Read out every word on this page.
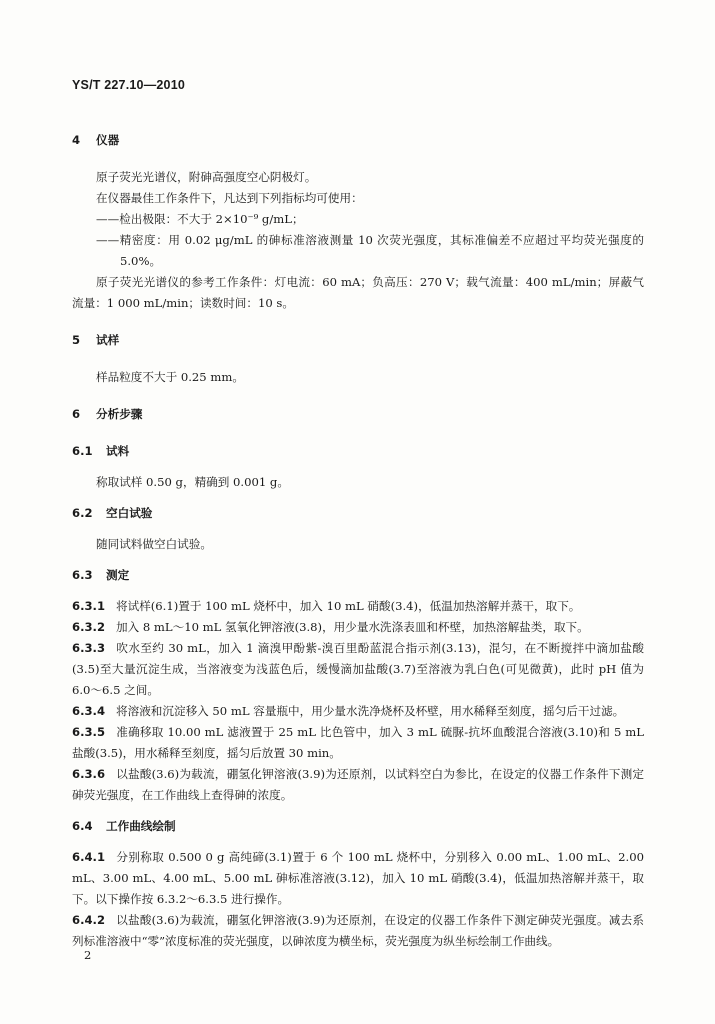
YS/T 227.10—2010

4 仪器

原子荧光光谱仪，附砷高强度空心阴极灯。

在仪器最佳工作条件下，凡达到下列指标均可使用：

——检出极限：不大于 2×10⁻⁹ g/mL；

——精密度：用 0.02 μg/mL 的砷标准溶液测量 10 次荧光强度，其标准偏差不应超过平均荧光强度的 5.0%。

原子荧光光谱仪的参考工作条件：灯电流：60 mA；负高压：270 V；载气流量：400 mL/min；屏蔽气流量：1 000 mL/min；读数时间：10 s。

5 试样

样品粒度不大于 0.25 mm。

6 分析步骤

6.1 试料

称取试样 0.50 g，精确到 0.001 g。

6.2 空白试验

随同试料做空白试验。

6.3 测定

6.3.1 将试样(6.1)置于 100 mL 烧杯中，加入 10 mL 硝酸(3.4)，低温加热溶解并蒸干，取下。

6.3.2 加入 8 mL～10 mL 氢氧化钾溶液(3.8)，用少量水洗涤表皿和杯壁，加热溶解盐类，取下。

6.3.3 吹水至约 30 mL，加入 1 滴溴甲酚紫-溴百里酚蓝混合指示剂(3.13)，混匀，在不断搅拌中滴加盐酸(3.5)至大量沉淀生成，当溶液变为浅蓝色后，缓慢滴加盐酸(3.7)至溶液为乳白色(可见微黄)，此时 pH 值为 6.0～6.5 之间。

6.3.4 将溶液和沉淀移入 50 mL 容量瓶中，用少量水洗净烧杯及杯壁，用水稀释至刻度，摇匀后干过滤。

6.3.5 准确移取 10.00 mL 滤液置于 25 mL 比色管中，加入 3 mL 硫脲-抗坏血酸混合溶液(3.10)和 5 mL 盐酸(3.5)，用水稀释至刻度，摇匀后放置 30 min。

6.3.6 以盐酸(3.6)为载流，硼氢化钾溶液(3.9)为还原剂，以试料空白为参比，在设定的仪器工作条件下测定砷荧光强度，在工作曲线上查得砷的浓度。

6.4 工作曲线绘制

6.4.1 分别称取 0.500 0 g 高纯碲(3.1)置于 6 个 100 mL 烧杯中，分别移入 0.00 mL、1.00 mL、2.00 mL、3.00 mL、4.00 mL、5.00 mL 砷标准溶液(3.12)，加入 10 mL 硝酸(3.4)，低温加热溶解并蒸干，取下。以下操作按 6.3.2～6.3.5 进行操作。

6.4.2 以盐酸(3.6)为载流，硼氢化钾溶液(3.9)为还原剂，在设定的仪器工作条件下测定砷荧光强度。减去系列标准溶液中“零”浓度标准的荧光强度，以砷浓度为横坐标，荧光强度为纵坐标绘制工作曲线。

2
